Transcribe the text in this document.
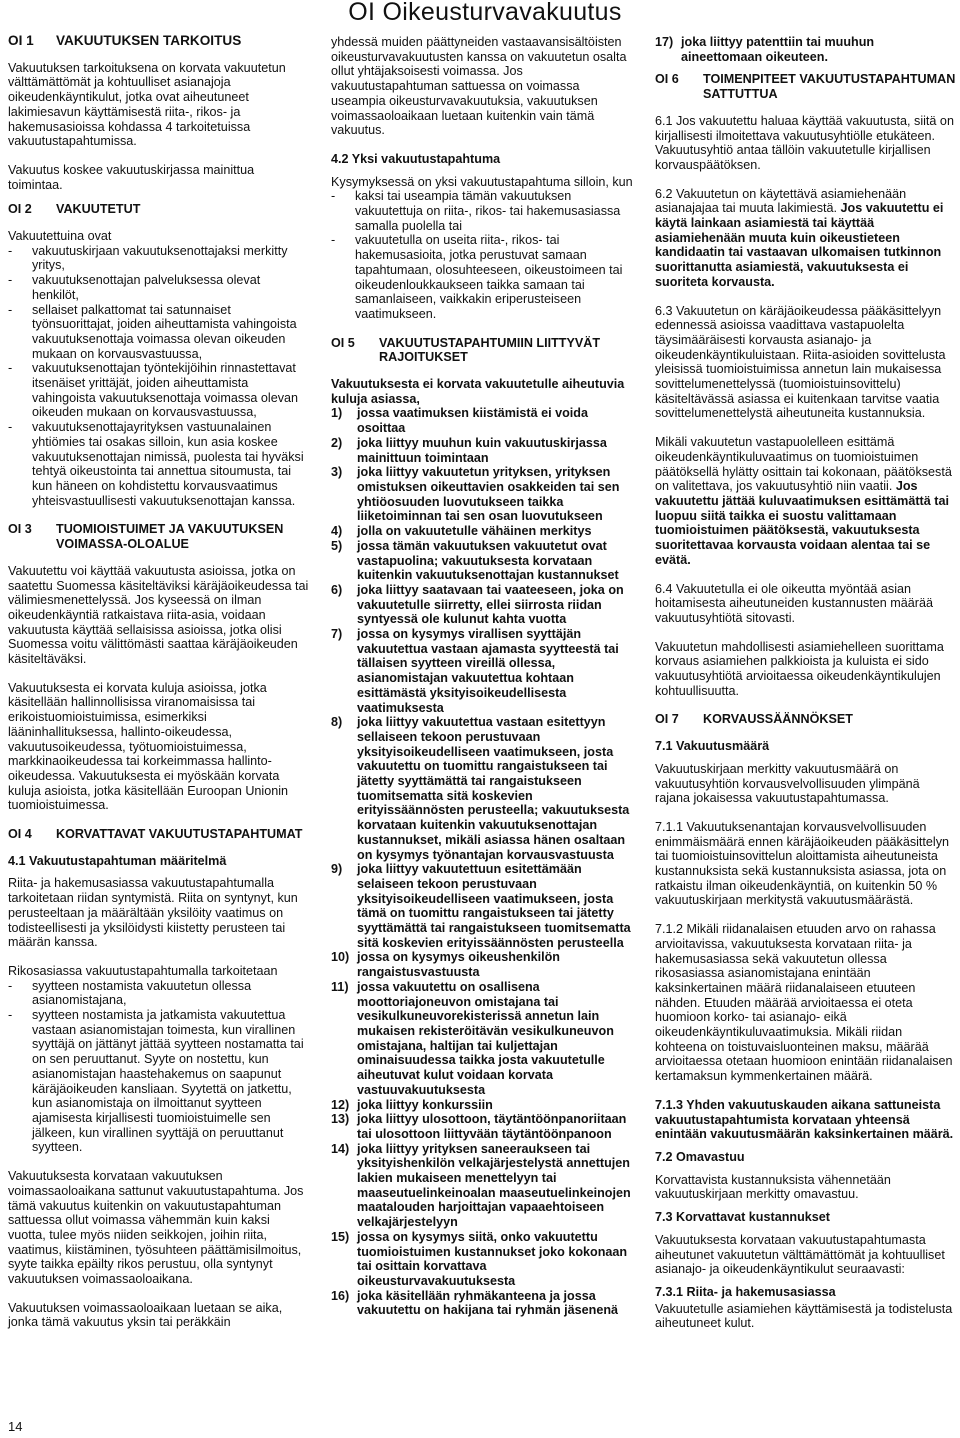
OI Oikeusturvavakuutus
OI 1	VAKUUTUKSEN TARKOITUS

Vakuutuksen tarkoituksena on korvata vakuutetun välttämättömät ja kohtuulliset asianajoja oikeudenkäyntikulut, jotka ovat aiheutuneet lakimiesavun käyttämisestä riita-, rikos- ja hakemusasioissa kohdassa 4 tarkoitetuissa vakuutustapahtumissa.

Vakuutus koskee vakuutuskirjassa mainittua toimintaa.

OI 2	VAKUUTETUT

Vakuutettuina ovat

-	vakuutuskirjaan vakuutuksenottajaksi merkitty yritys,
-	vakuutuksenottajan palveluksessa olevat henkilöt,
-	sellaiset palkattomat tai satunnaiset työnsuorittajat, joiden aiheuttamista vahingoista vakuutuksenottaja voimassa olevan oikeuden mukaan on korvausvastuussa,
-	vakuutuksenottajan työntekijöihin rinnastettavat itsenäiset yrittäjät, joiden aiheuttamista vahingoista vakuutuksenottaja voimassa olevan oikeuden mukaan on korvausvastuussa,
-	vakuutuksenottajayrityksen vastuunalainen yhtiömies tai osakas silloin, kun asia koskee vakuutuksenottajan nimissä, puolesta tai hyväksi tehtyä oikeustointa tai annettua sitoumusta, tai kun häneen on kohdistettu korvausvaatimus yhteisvastuullisesti vakuutuksenottajan kanssa.
OI 3	TUOMIOISTUIMET JA VAKUUTUKSEN VOIMASSA-OLOALUE

Vakuutettu voi käyttää vakuutusta asioissa, jotka on saatettu Suomessa käsiteltäviksi käräjäoikeudessa tai välimiesmenettelyssä. Jos kyseessä on ilman oikeudenkäyntiä ratkaistava riita-asia, voidaan vakuutusta käyttää sellaisissa asioissa, jotka olisi Suomessa voitu välittömästi saattaa käräjäoikeuden käsiteltäväksi.

Vakuutuksesta ei korvata kuluja asioissa, jotka käsitellään hallinnollisissa viranomaisissa tai erikoistuomioistuimissa, esimerkiksi lääninhallituksessa, hallinto-oikeudessa, vakuutusoikeudessa, työtuomioistuimessa, markkinaoikeudessa tai korkeimmassa hallinto-oikeudessa. Vakuutuksesta ei myöskään korvata kuluja asioista, jotka käsitellään Euroopan Unionin tuomioistuimessa.

OI 4	KORVATTAVAT VAKUUTUSTAPAHTUMAT
4.1 Vakuutustapahtuman määritelmä

Riita- ja hakemusasiassa vakuutustapahtumalla tarkoitetaan riidan syntymistä. Riita on syntynyt, kun perusteeltaan ja määrältään yksilöity vaatimus on todisteellisesti ja yksilöidysti kiistetty perusteen tai määrän kanssa.

Rikosasiassa vakuutustapahtumalla tarkoitetaan

-	syytteen nostamista vakuutetun ollessa asianomistajana,
-	syytteen nostamista ja jatkamista vakuutettua vastaan asianomistajan toimesta, kun virallinen syyttäjä on jättänyt jättää syytteen nostamatta tai on sen peruuttanut. Syyte on nostettu, kun asianomistajan haastehakemus on saapunut käräjäoikeuden kansliaan. Syytettä on jatkettu, kun asianomistaja on ilmoittanut syytteen ajamisesta kirjallisesti tuomioistuimelle sen jälkeen, kun virallinen syyttäjä on peruuttanut syytteen.

Vakuutuksesta korvataan vakuutuksen voimassaoloaikana sattunut vakuutustapahtuma. Jos tämä vakuutus kuitenkin on vakuutustapahtuman sattuessa ollut voimassa vähemmän kuin kaksi vuotta, tulee myös niiden seikkojen, joihin riita, vaatimus, kiistäminen, työsuhteen päättämisilmoitus, syyte taikka epäilty rikos perustuu, olla syntynyt vakuutuksen voimassaoloaikana.

Vakuutuksen voimassaoloaikaan luetaan se aika, jonka tämä vakuutus yksin tai peräkkäin

yhdessä muiden päättyneiden vastaavansisältöisten oikeusturvavakuutusten kanssa on vakuutetun osalta ollut yhtäjaksoisesti voimassa. Jos vakuutustapahtuman sattuessa on voimassa useampia oikeusturvavakuutuksia, vakuutuksen voimassaoloaikaan luetaan kuitenkin vain tämä vakuutus.

4.2 Yksi vakuutustapahtuma

Kysymyksessä on yksi vakuutustapahtuma silloin, kun

-	kaksi tai useampia tämän vakuutuksen vakuutettuja on riita-, rikos- tai hakemusasiassa samalla puolella tai
-	vakuutetulla on useita riita-, rikos- tai hakemusasioita, jotka perustuvat samaan tapahtumaan, olosuhteeseen, oikeustoimeen tai oikeudenloukkaukseen taikka samaan tai samanlaiseen, vaikkakin eriperusteiseen vaatimukseen.
OI 5	VAKUUTUSTAPAHTUMIIN LIITTYVÄT RAJOITUKSET

Vakuutuksesta ei korvata vakuutetulle aiheutuvia kuluja asiassa,

1)	jossa vaatimuksen kiistämistä ei voida osoittaa
2)	joka liittyy muuhun kuin vakuutuskirjassa mainittuun toimintaan
3)	joka liittyy vakuutetun yrityksen, yrityksen omistuksen oikeuttavien osakkeiden tai sen yhtiöosuuden luovutukseen taikka liiketoiminnan tai sen osan luovutukseen
4)	jolla on vakuutetulle vähäinen merkitys
5)	jossa tämän vakuutuksen vakuutetut ovat vastapuolina; vakuutuksesta korvataan kuitenkin vakuutuksenottajan kustannukset
6)	joka liittyy saatavaan tai vaateeseen, joka on vakuutetulle siirretty, ellei siirrosta riidan syntyessä ole kulunut kahta vuotta
7)	jossa on kysymys virallisen syyttäjän vakuutettua vastaan ajamasta syytteestä tai tällaisen syytteen vireillä ollessa, asianomistajan vakuutettua kohtaan esittämästä yksityisoikeudellisesta vaatimuksesta
8)	joka liittyy vakuutettua vastaan esitettyyn sellaiseen tekoon perustuvaan yksityisoikeudelliseen vaatimukseen, josta vakuutettu on tuomittu rangaistukseen tai jätetty syyttämättä tai rangaistukseen tuomitsematta sitä koskevien erityissäännösten perusteella; vakuutuksesta korvataan kuitenkin vakuutuksenottajan kustannukset, mikäli asiassa hänen osaltaan on kysymys työnantajan korvausvastuusta
9)	joka liittyy vakuutettuun esitettämään selaiseen tekoon perustuvaan yksityisoikeudelliseen vaatimukseen, josta tämä on tuomittu rangaistukseen tai jätetty syyttämättä tai rangaistukseen tuomitsematta sitä koskevien erityissäännösten perusteella
10) jossa on kysymys oikeushenkilön rangaistusvastuusta
11) jossa vakuutettu on osallisena moottoriajoneuvon omistajana tai vesikulkuneuvorekisterissä annetun lain mukaisen rekisteröitävän vesikulkuneuvon omistajana, haltijan tai kuljettajan ominaisuudessa taikka josta vakuutetulle aiheutuvat kulut voidaan korvata vastuuvakuutuksesta
12) joka liittyy konkurssiin
13) joka liittyy ulosottoon, täytäntöönpanoriitaan tai ulosottoon liittyvään täytäntöönpanoon
14) joka liittyy yrityksen saneeraukseen tai yksityishenkilön velkajärjestelystä annettujen lakien mukaiseen menettelyyn tai maaseutuelinkeinoalan maaseutuelinkeinojen maatalouden harjoittajan vapaaehtoiseen velkajärjestelyyn
15) jossa on kysymys siitä, onko vakuutettu tuomioistuimen kustannukset joko kokonaan tai osittain korvattava oikeusturvavakuutuksesta
16) joka käsitellään ryhmäkanteena ja jossa vakuutettu on hakijana tai ryhmän jäsenenä
17) joka liittyy patenttiin tai muuhun aineettomaan oikeuteen.
OI 6	TOIMENPITEET VAKUUTUSTAPAHTUMAN SATTUTTUA

6.1 Jos vakuutettu haluaa käyttää vakuutusta, siitä on kirjallisesti ilmoitettava vakuutusyhtiölle etukäteen. Vakuutusyhtiö antaa tällöin vakuutetulle kirjallisen korvauspäätöksen.

6.2 Vakuutetun on käytettävä asiamiehenään asianajajaa tai muuta lakimiestä. Jos vakuutettu ei käytä lainkaan asiamiestä tai käyttää asiamiehenään muuta kuin oikeustieteen kandidaatin tai vastaavan ulkomaisen tutkinnon suorittanutta asiamiestä, vakuutuksesta ei suoriteta korvausta.

6.3 Vakuutetun on käräjäoikeudessa pääkäsittelyyn edennessä asioissa vaadittava vastapuolelta täysimääräisesti korvausta asianajo- ja oikeudenkäyntikuluistaan. Riita-asioiden sovittelusta yleisissä tuomioistuimissa annetun lain mukaisessa sovittelumenettelyssä (tuomioistuinsovittelu) käsiteltävässä asiassa ei kuitenkaan tarvitse vaatia sovittelumenettelystä aiheutuneita kustannuksia.

Mikäli vakuutetun vastapuolelleen esittämä oikeudenkäyntikuluvaatimus on tuomioistuimen päätöksellä hylätty osittain tai kokonaan, päätöksestä on valitettava, jos vakuutusyhtiö niin vaatii. Jos vakuutettu jättää kuluvaatimuksen esittämättä tai luopuu siitä taikka ei suostu valittamaan tuomioistuimen päätöksestä, vakuutuksesta suoritettavaa korvausta voidaan alentaa tai se evätä.

6.4 Vakuutetulla ei ole oikeutta myöntää asian hoitamisesta aiheutuneiden kustannusten määrää vakuutusyhtiötä sitovasti.

Vakuutetun mahdollisesti asiamiehelleen suorittama korvaus asiamiehen palkkioista ja kuluista ei sido vakuutusyhtiötä arvioitaessa oikeudenkäyntikulujen kohtuullisuutta.

OI 7	KORVAUSSÄÄNNÖKSET
7.1 Vakuutusmäärä

Vakuutuskirjaan merkitty vakuutusmäärä on vakuutusyhtiön korvausvelvollisuuden ylimpänä rajana jokaisessa vakuutustapahtumassa.

7.1.1 Vakuutuksenantajan korvausvelvollisuuden enimmäismäärä ennen käräjäoikeuden pääkäsittelyn tai tuomioistuinsovittelun aloittamista aiheutuneista kustannuksista sekä kustannuksista asiassa, jota on ratkaistu ilman oikeudenkäyntiä, on kuitenkin 50 % vakuutuskirjaan merkitystä vakuutusmäärästä.

7.1.2 Mikäli riidanalaisen etuuden arvo on rahassa arvioitavissa, vakuutuksesta korvataan riita- ja hakemusasiassa sekä vakuutetun ollessa rikosasiassa asianomistajana enintään kaksinkertainen määrä riidanalaiseen etuuteen nähden. Etuuden määrää arvioitaessa ei oteta huomioon korko- tai asianajo- eikä oikeudenkäyntikuluvaatimuksia. Mikäli riidan kohteena on toistuvaisluonteinen maksu, määrää arvioitaessa otetaan huomioon enintään riidanalaisen kertamaksun kymmenkertainen määrä.

7.1.3 Yhden vakuutuskauden aikana sattuneista vakuutustapahtumista korvataan yhteensä enintään vakuutusmäärän kaksinkertainen määrä.

7.2 Omavastuu

Korvattavista kustannuksista vähennetään vakuutuskirjaan merkitty omavastuu.

7.3 Korvattavat kustannukset

Vakuutuksesta korvataan vakuutustapahtumasta aiheutunet vakuutetun välttämättömät ja kohtuulliset asianajo- ja oikeudenkäyntikulut seuraavasti:

7.3.1 Riita- ja hakemusasiassa

Vakuutetulle asiamiehen käyttämisestä ja todistelusta aiheutuneet kulut.

14
